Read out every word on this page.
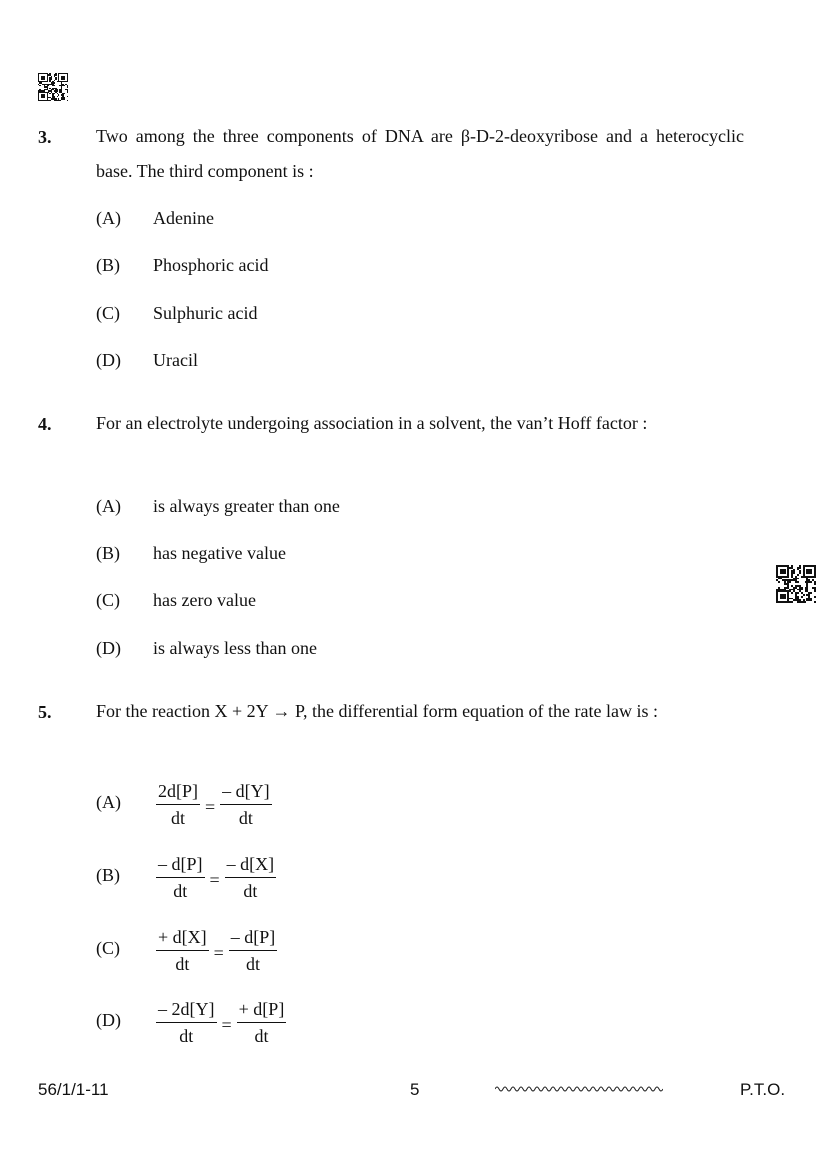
3. Two among the three components of DNA are β-D-2-deoxyribose and a heterocyclic base. The third component is :
(A) Adenine
(B) Phosphoric acid
(C) Sulphuric acid
(D) Uracil
4. For an electrolyte undergoing association in a solvent, the van’t Hoff factor :
(A) is always greater than one
(B) has negative value
(C) has zero value
(D) is always less than one
5. For the reaction X + 2Y → P, the differential form equation of the rate law is :
$(A) \frac{2d[P]}{dt} = \frac{- d[Y]}{dt}$
$(B) \frac{- d[P]}{dt} = \frac{- d[X]}{dt}$
$(C) \frac{+ d[X]}{dt} = \frac{- d[P]}{dt}$
$(D) \frac{- 2d[Y]}{dt} = \frac{+ d[P]}{dt}$
56/1/1-11	5	P.T.O.
